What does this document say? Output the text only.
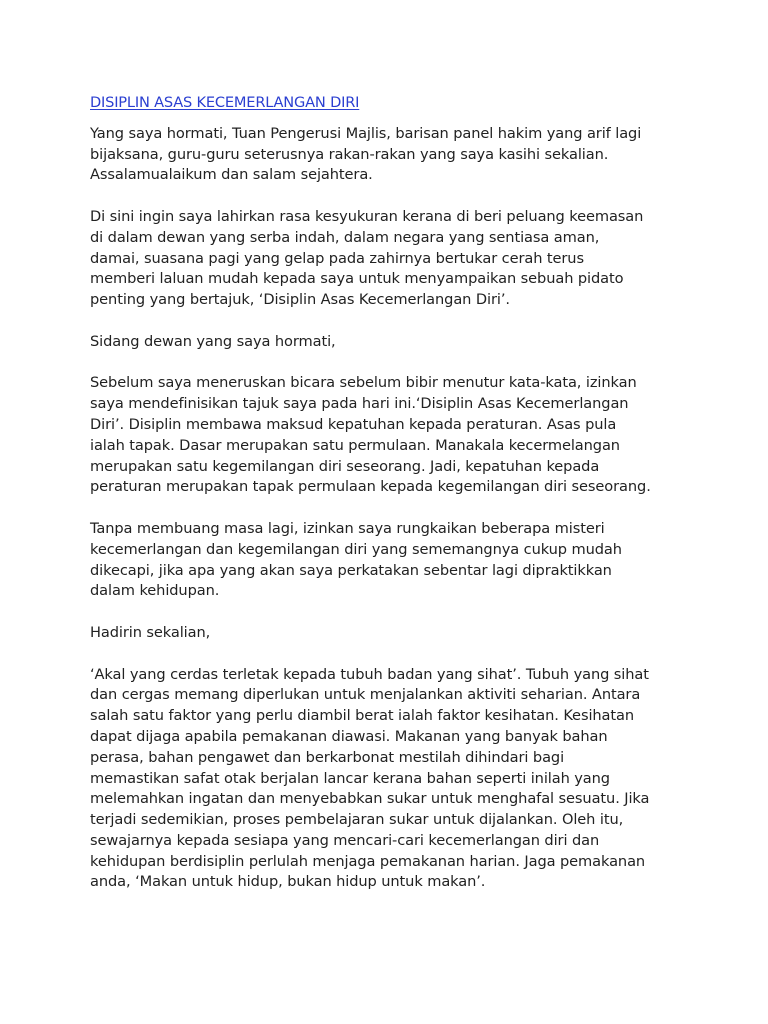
DISIPLIN ASAS KECEMERLANGAN DIRI

Yang saya hormati, Tuan Pengerusi Majlis, barisan panel hakim yang arif lagi
bijaksana, guru-guru seterusnya rakan-rakan yang saya kasihi sekalian.
Assalamualaikum dan salam sejahtera.

Di sini ingin saya lahirkan rasa kesyukuran kerana di beri peluang keemasan
di dalam dewan yang serba indah, dalam negara yang sentiasa aman,
damai, suasana pagi yang gelap pada zahirnya bertukar cerah terus
memberi laluan mudah kepada saya untuk menyampaikan sebuah pidato
penting yang bertajuk, ‘Disiplin Asas Kecemerlangan Diri’.

Sidang dewan yang saya hormati,

Sebelum saya meneruskan bicara sebelum bibir menutur kata-kata, izinkan
saya mendefinisikan tajuk saya pada hari ini.‘Disiplin Asas Kecemerlangan
Diri’. Disiplin membawa maksud kepatuhan kepada peraturan. Asas pula
ialah tapak. Dasar merupakan satu permulaan. Manakala kecermelangan
merupakan satu kegemilangan diri seseorang. Jadi, kepatuhan kepada
peraturan merupakan tapak permulaan kepada kegemilangan diri seseorang.

Tanpa membuang masa lagi, izinkan saya rungkaikan beberapa misteri
kecemerlangan dan kegemilangan diri yang sememangnya cukup mudah
dikecapi, jika apa yang akan saya perkatakan sebentar lagi dipraktikkan
dalam kehidupan.

Hadirin sekalian,

‘Akal yang cerdas terletak kepada tubuh badan yang sihat’. Tubuh yang sihat
dan cergas memang diperlukan untuk menjalankan aktiviti seharian. Antara
salah satu faktor yang perlu diambil berat ialah faktor kesihatan. Kesihatan
dapat dijaga apabila pemakanan diawasi. Makanan yang banyak bahan
perasa, bahan pengawet dan berkarbonat mestilah dihindari bagi
memastikan safat otak berjalan lancar kerana bahan seperti inilah yang
melemahkan ingatan dan menyebabkan sukar untuk menghafal sesuatu. Jika
terjadi sedemikian, proses pembelajaran sukar untuk dijalankan. Oleh itu,
sewajarnya kepada sesiapa yang mencari-cari kecemerlangan diri dan
kehidupan berdisiplin perlulah menjaga pemakanan harian. Jaga pemakanan
anda, ‘Makan untuk hidup, bukan hidup untuk makan’.
